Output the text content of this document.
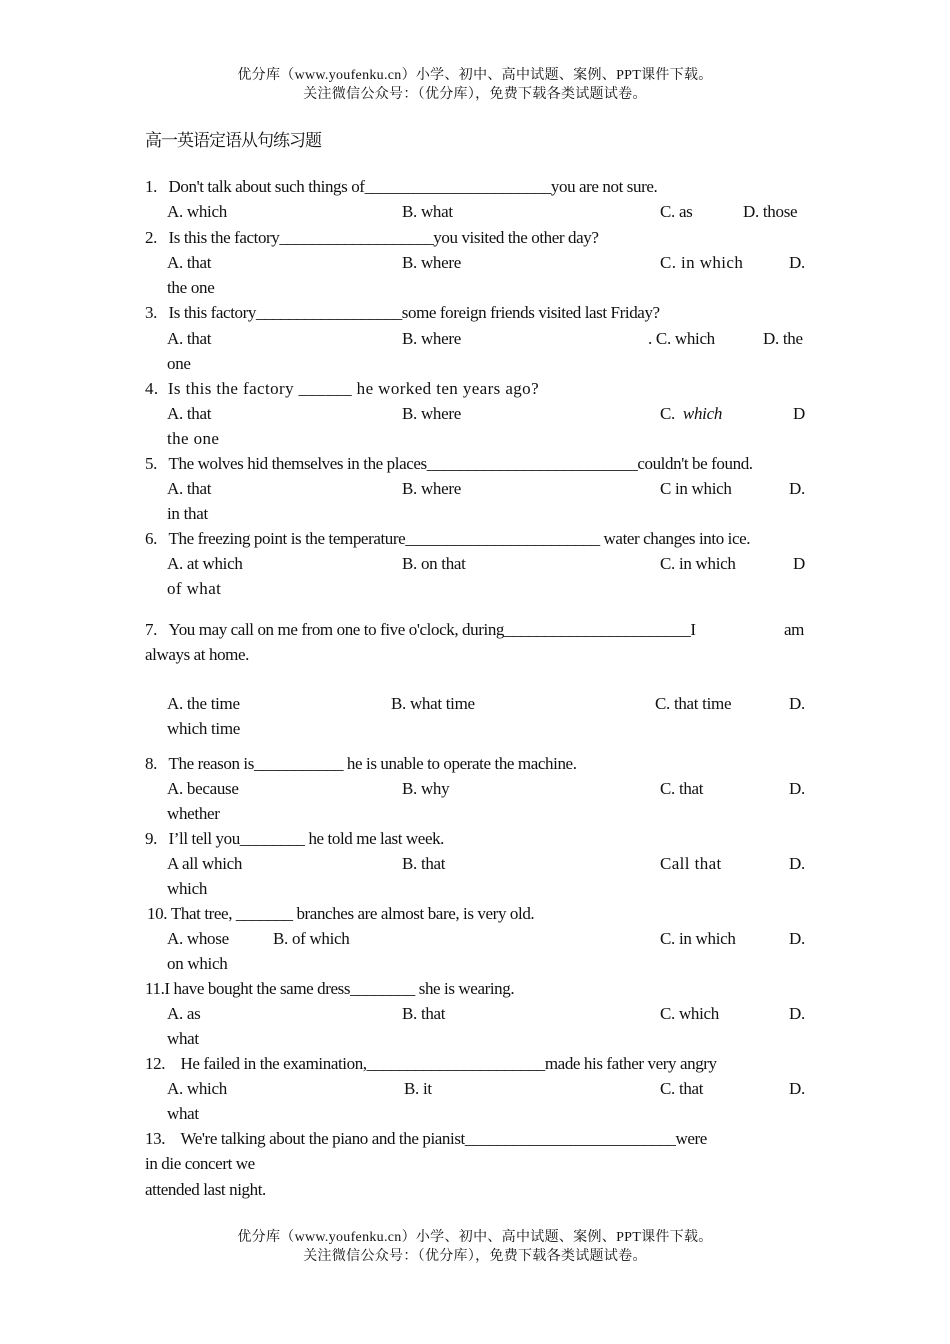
优分库（www.youfenku.cn）小学、初中、高中试题、案例、PPT课件下载。
关注微信公众号：（优分库），免费下载各类试题试卷。
高一英语定语从句练习题
1. Don't talk about such things of_______________________you are not sure.
A. which	B. what	C. as	D. those
2. Is this the factory___________________you visited the other day?
A. that	B. where	C. in which	D.
the one
3. Is this factory__________________some foreign friends visited last Friday?
A. that	B. where	. C. which	D. the
one
4. Is this the factory ______ he worked ten years ago?
A. that	B. where	C. which	D
the one
5. The wolves hid themselves in the places__________________________couldn't be found.
A. that	B. where	C in which	D.
in that
6. The freezing point is the temperature________________________ water changes into ice.
A. at which	B. on that	C. in which	D
of what
7. You may call on me from one to five o'clock, during_______________________I	am
always at home.
A. the time	B. what time	C. that time	D.
which time
8. The reason is___________ he is unable to operate the machine.
A. because	B. why	C. that	D.
whether
9. I’ll tell you________ he told me last week.
A all which	B. that	Call that	D.
which
10. That tree, _______ branches are almost bare, is very old.
A. whose	B. of which	C. in which	D.
on which
11.I have bought the same dress________ she is wearing.
A. as	B. that	C. which	D.
what
12. He failed in the examination,______________________made his father very angry
A. which	B. it	C. that	D.
what
13. We're talking about the piano and the pianist__________________________were
in die concert we
attended last night.
优分库（www.youfenku.cn）小学、初中、高中试题、案例、PPT课件下载。
关注微信公众号：（优分库），免费下载各类试题试卷。
